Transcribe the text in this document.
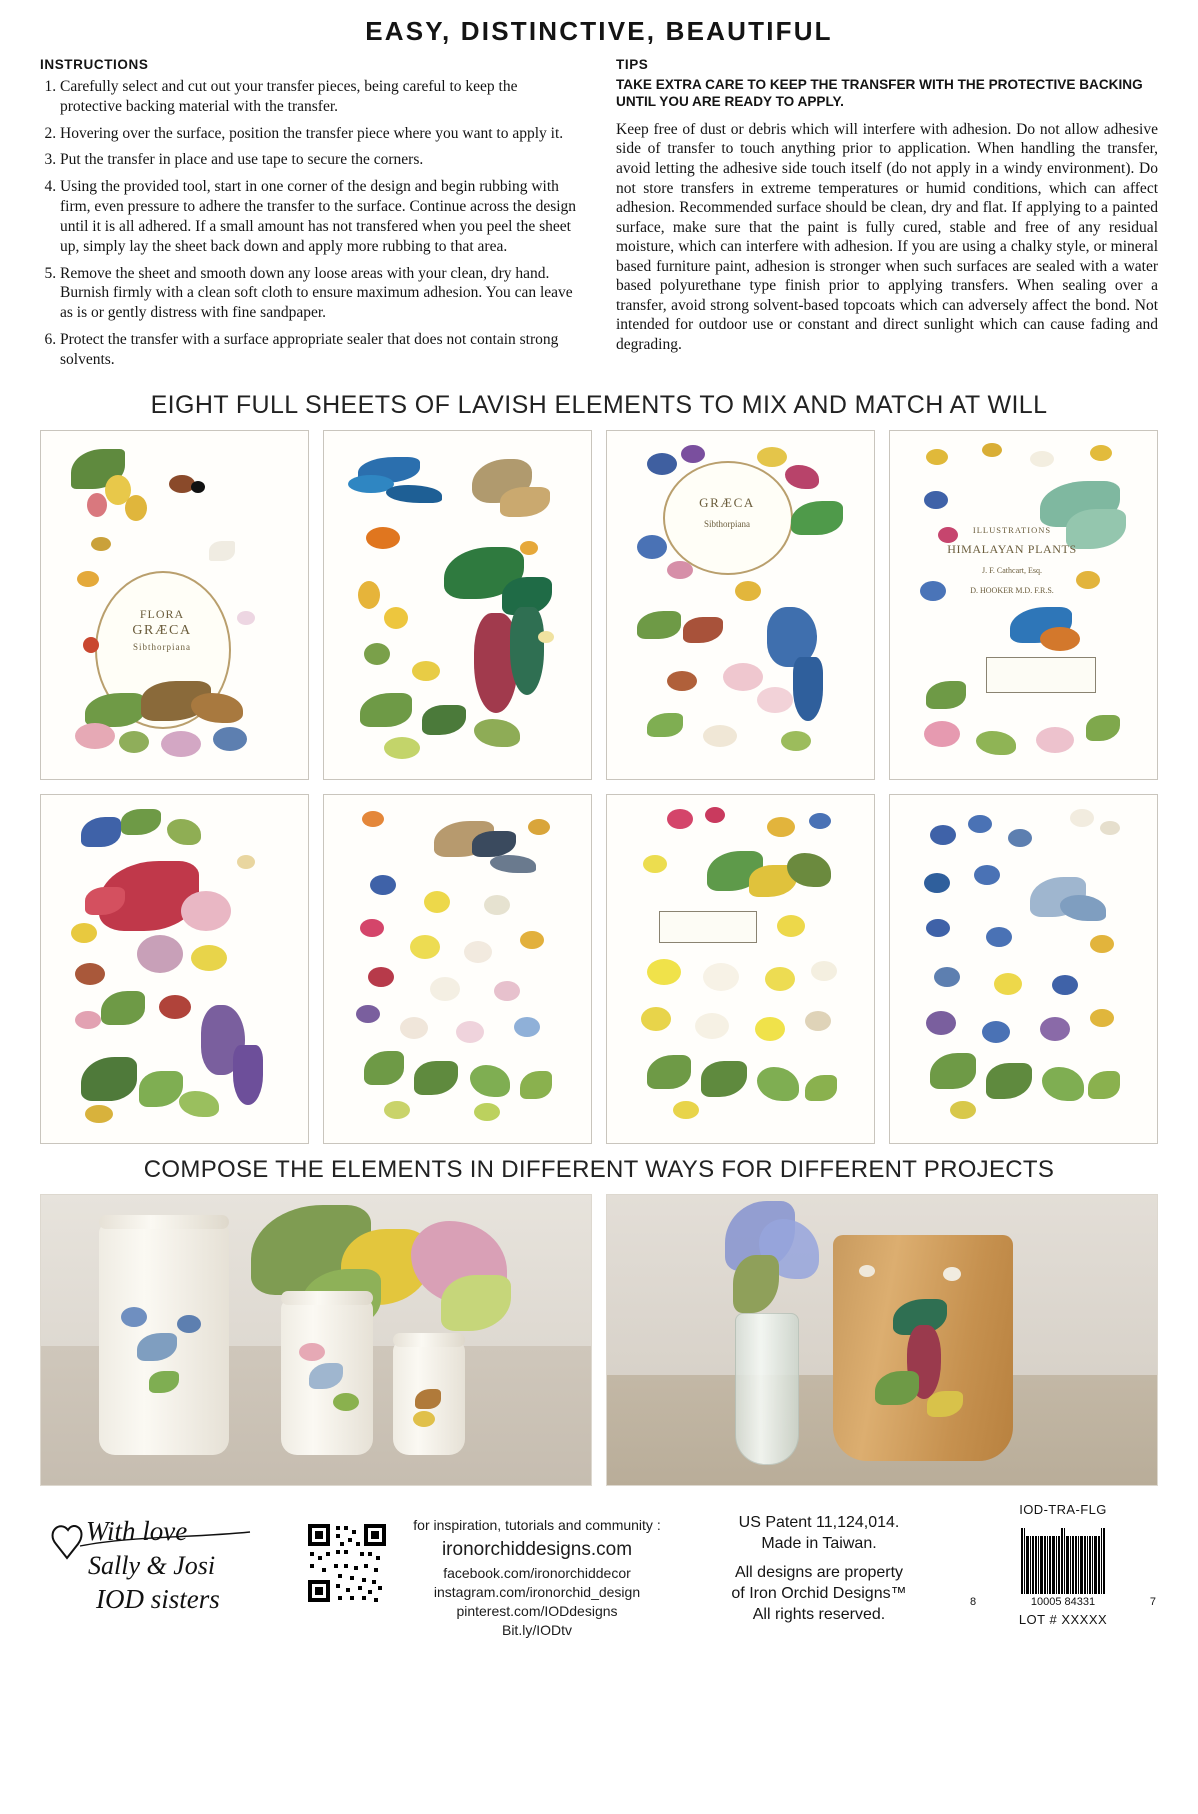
EASY, DISTINCTIVE, BEAUTIFUL
INSTRUCTIONS
1. Carefully select and cut out your transfer pieces, being careful to keep the protective backing material with the transfer.
2. Hovering over the surface, position the transfer piece where you want to apply it.
3. Put the transfer in place and use tape to secure the corners.
4. Using the provided tool, start in one corner of the design and begin rubbing with firm, even pressure to adhere the transfer to the surface. Continue across the design until it is all adhered. If a small amount has not transfered when you peel the sheet up, simply lay the sheet back down and apply more rubbing to that area.
5. Remove the sheet and smooth down any loose areas with your clean, dry hand. Burnish firmly with a clean soft cloth to ensure maximum adhesion. You can leave as is or gently distress with fine sandpaper.
6. Protect the transfer with a surface appropriate sealer that does not contain strong solvents.
TIPS

TAKE EXTRA CARE TO KEEP THE TRANSFER WITH THE PROTECTIVE BACKING UNTIL YOU ARE READY TO APPLY.

Keep free of dust or debris which will interfere with adhesion. Do not allow adhesive side of transfer to touch anything prior to application. When handling the transfer, avoid letting the adhesive side touch itself (do not apply in a windy environment). Do not store transfers in extreme temperatures or humid conditions, which can affect adhesion. Recommended surface should be clean, dry and flat. If applying to a painted surface, make sure that the paint is fully cured, stable and free of any residual moisture, which can interfere with adhesion. If you are using a chalky style, or mineral based furniture paint, adhesion is stronger when such surfaces are sealed with a water based polyurethane type finish prior to applying transfers. When sealing over a transfer, avoid strong solvent-based topcoats which can adversely affect the bond. Not intended for outdoor use or constant and direct sunlight which can cause fading and degrading.

EIGHT FULL SHEETS OF LAVISH ELEMENTS TO MIX AND MATCH AT WILL
FLORA
GRÆCA
Sibthorpiana
GRÆCA
Sibthorpiana
ILLUSTRATIONS
HIMALAYAN PLANTS
J. F. Cathcart, Esq.
D. HOOKER M.D. F.R.S.
COMPOSE THE ELEMENTS IN DIFFERENT WAYS FOR DIFFERENT PROJECTS
With love
Sally & Josi
IOD sisters
for inspiration, tutorials and community :
ironorchiddesigns.com
facebook.com/ironorchiddecor
instagram.com/ironorchid_design
pinterest.com/IODdesigns
Bit.ly/IODtv
US Patent 11,124,014.
Made in Taiwan.
All designs are property
of Iron Orchid Designs™
All rights reserved.
IOD-TRA-FLG
8	10005 84331	7
LOT # XXXXX
